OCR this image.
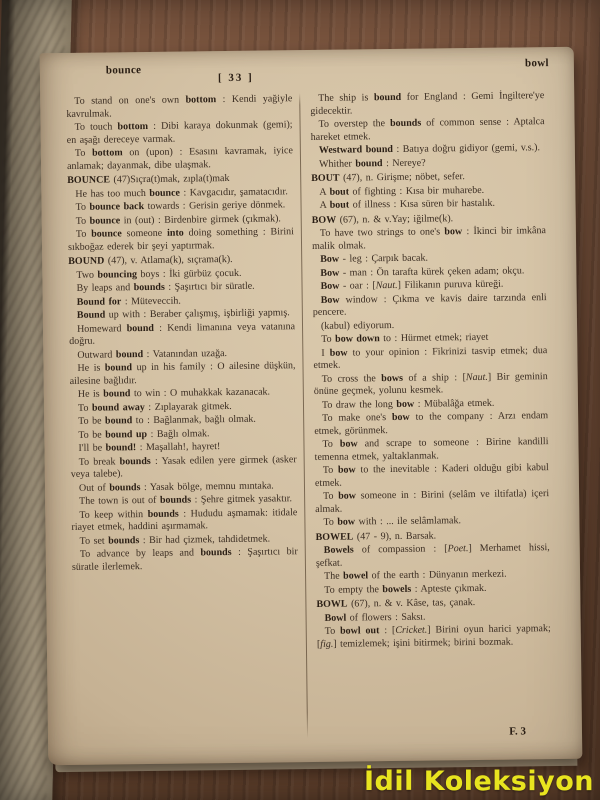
bounce
[ 33 ]
bowl

To stand on one's own bottom : Kendi yağiyle kavrulmak.

To touch bottom : Dibi karaya dokunmak (gemi); en aşağı dereceye varmak.

To bottom on (upon) : Esasını kavramak, iyice anlamak; dayanmak, dibe ulaşmak.

BOUNCE (47)Sıçra(t)mak, zıpla(t)mak

He has too much bounce : Kavgacıdır, şamatacıdır.

To bounce back towards : Gerisin geriye dönmek.

To bounce in (out) : Birdenbire girmek (çıkmak).

To bounce someone into doing something : Birini sıkboğaz ederek bir şeyi yaptırmak.

BOUND (47), v. Atlama(k), sıçrama(k).

Two bouncing boys : İki gürbüz çocuk.

By leaps and bounds : Şaşırtıcı bir süratle.

Bound for : Müteveccih.

Bound up with : Beraber çalışmış, işbirliği yapmış.

Homeward bound : Kendi limanına veya vatanına doğru.

Outward bound : Vatanından uzağa.

He is bound up in his family : O ailesine düşkün, ailesine bağlıdır.

He is bound to win : O muhakkak kazanacak.

To bound away : Zıplayarak gitmek.

To be bound to : Bağlanmak, bağlı olmak.

To be bound up : Bağlı olmak.

I'll be bound! : Maşallah!, hayret!

To break bounds : Yasak edilen yere girmek (asker veya talebe).

Out of bounds : Yasak bölge, memnu mıntaka.

The town is out of bounds : Şehre gitmek yasaktır.

To keep within bounds : Hududu aşmamak: itidale riayet etmek, haddini aşırmamak.

To set bounds : Bir had çizmek, tahdidetmek.

To advance by leaps and bounds : Şaşırtıcı bir süratle ilerlemek.

The ship is bound for England : Gemi İngiltere'ye gidecektir.

To overstep the bounds of common sense : Aptalca hareket etmek.

Westward bound : Batıya doğru gidiyor (gemi, v.s.).

Whither bound : Nereye?

BOUT (47), n. Girişme; nöbet, sefer.

A bout of fighting : Kısa bir muharebe.

A bout of illness : Kısa süren bir hastalık.

BOW (67), n. & v.Yay; iğilme(k).

To have two strings to one's bow : İkinci bir imkâna malik olmak.

Bow - leg : Çarpık bacak.

Bow - man : Ön tarafta kürek çeken adam; okçu.

Bow - oar : [Naut.] Filikanın puruva küreği.

Bow window : Çıkma ve kavis daire tarzında enli pencere.

(kabul) ediyorum.

To bow down to : Hürmet etmek; riayet

I bow to your opinion : Fikrinizi tasvip etmek; dua etmek.

To cross the bows of a ship : [Naut.] Bir geminin önüne geçmek, yolunu kesmek.

To draw the long bow : Mübalâğa etmek.

To make one's bow to the company : Arzı endam etmek, görünmek.

To bow and scrape to someone : Birine kandilli temenna etmek, yaltaklanmak.

To bow to the inevitable : Kaderi olduğu gibi kabul etmek.

To bow someone in : Birini (selâm ve iltifatla) içeri almak.

To bow with : ... ile selâmlamak.

BOWEL (47 - 9), n. Barsak.

Bowels of compassion : [Poet.] Merhamet hissi, şefkat.

The bowel of the earth : Dünyanın merkezi.

To empty the bowels : Apteste çıkmak.

BOWL (67), n. & v. Kâse, tas, çanak.

Bowl of flowers : Saksı.

To bowl out : [Cricket.] Birini oyun harici yapmak; [fig.] temizlemek; işini bitirmek; birini bozmak.

F. 3
İdil Koleksiyon
